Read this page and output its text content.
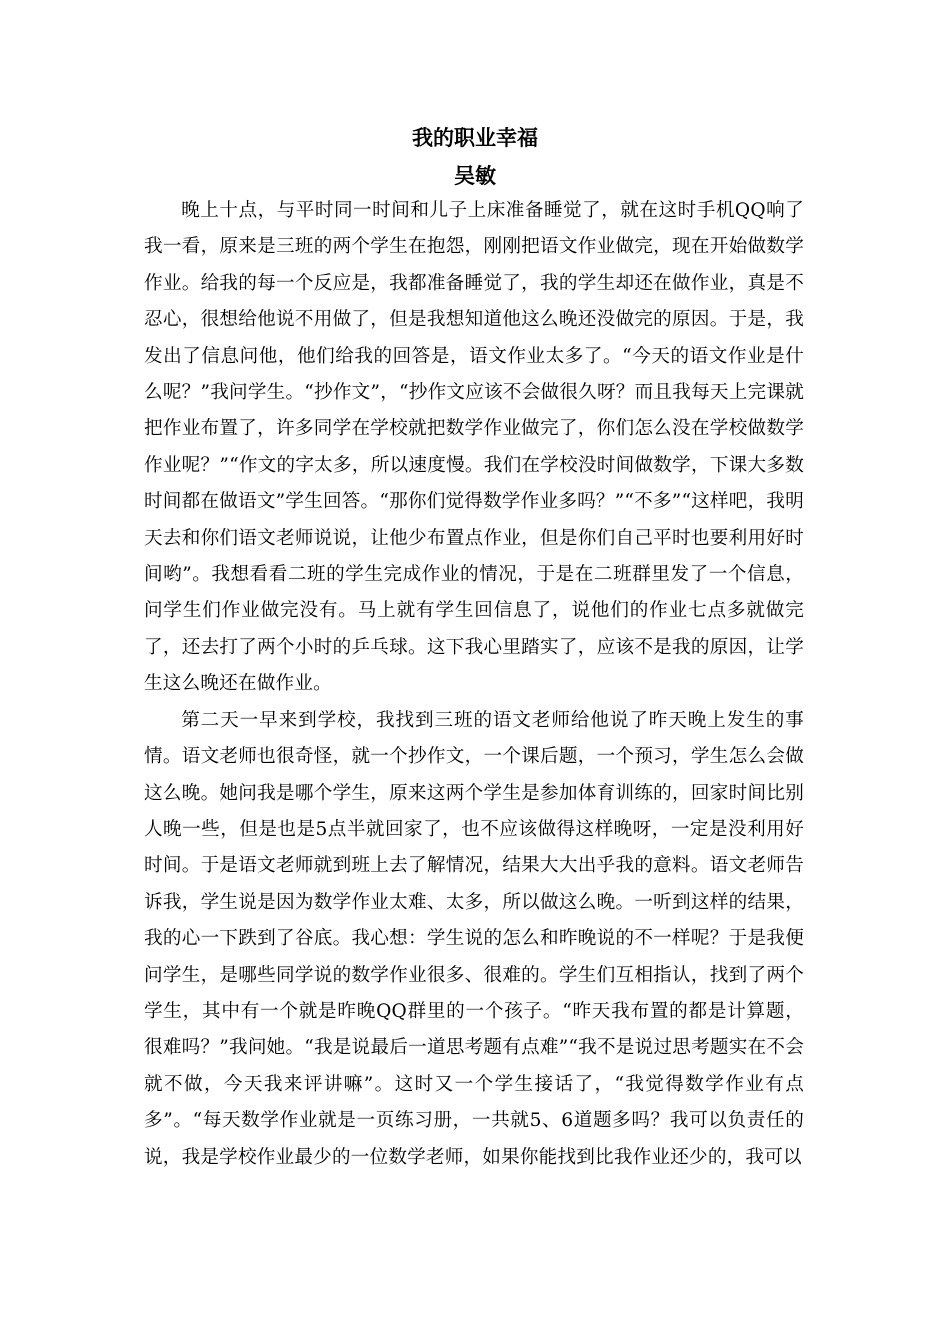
我的职业幸福
吴敏

晚上十点，与平时同一时间和儿子上床准备睡觉了，就在这时手机QQ响了我一看，原来是三班的两个学生在抱怨，刚刚把语文作业做完，现在开始做数学作业。给我的每一个反应是，我都准备睡觉了，我的学生却还在做作业，真是不忍心，很想给他说不用做了，但是我想知道他这么晚还没做完的原因。于是，我发出了信息问他，他们给我的回答是，语文作业太多了。“今天的语文作业是什么呢？”我问学生。“抄作文”，“抄作文应该不会做很久呀？而且我每天上完课就把作业布置了，许多同学在学校就把数学作业做完了，你们怎么没在学校做数学作业呢？”“作文的字太多，所以速度慢。我们在学校没时间做数学，下课大多数时间都在做语文”学生回答。“那你们觉得数学作业多吗？”“不多”“这样吧，我明天去和你们语文老师说说，让他少布置点作业，但是你们自己平时也要利用好时间哟”。我想看看二班的学生完成作业的情况，于是在二班群里发了一个信息，问学生们作业做完没有。马上就有学生回信息了，说他们的作业七点多就做完了，还去打了两个小时的乒乓球。这下我心里踏实了，应该不是我的原因，让学生这么晚还在做作业。

第二天一早来到学校，我找到三班的语文老师给他说了昨天晚上发生的事情。语文老师也很奇怪，就一个抄作文，一个课后题，一个预习，学生怎么会做这么晚。她问我是哪个学生，原来这两个学生是参加体育训练的，回家时间比别人晚一些，但是也是5点半就回家了，也不应该做得这样晚呀，一定是没利用好时间。于是语文老师就到班上去了解情况，结果大大出乎我的意料。语文老师告诉我，学生说是因为数学作业太难、太多，所以做这么晚。一听到这样的结果，我的心一下跌到了谷底。我心想：学生说的怎么和昨晚说的不一样呢？于是我便问学生，是哪些同学说的数学作业很多、很难的。学生们互相指认，找到了两个学生，其中有一个就是昨晚QQ群里的一个孩子。“昨天我布置的都是计算题，很难吗？”我问她。“我是说最后一道思考题有点难”“我不是说过思考题实在不会就不做，今天我来评讲嘛”。这时又一个学生接话了，“我觉得数学作业有点多”。“每天数学作业就是一页练习册，一共就5、6道题多吗？我可以负责任的说，我是学校作业最少的一位数学老师，如果你能找到比我作业还少的，我可以
